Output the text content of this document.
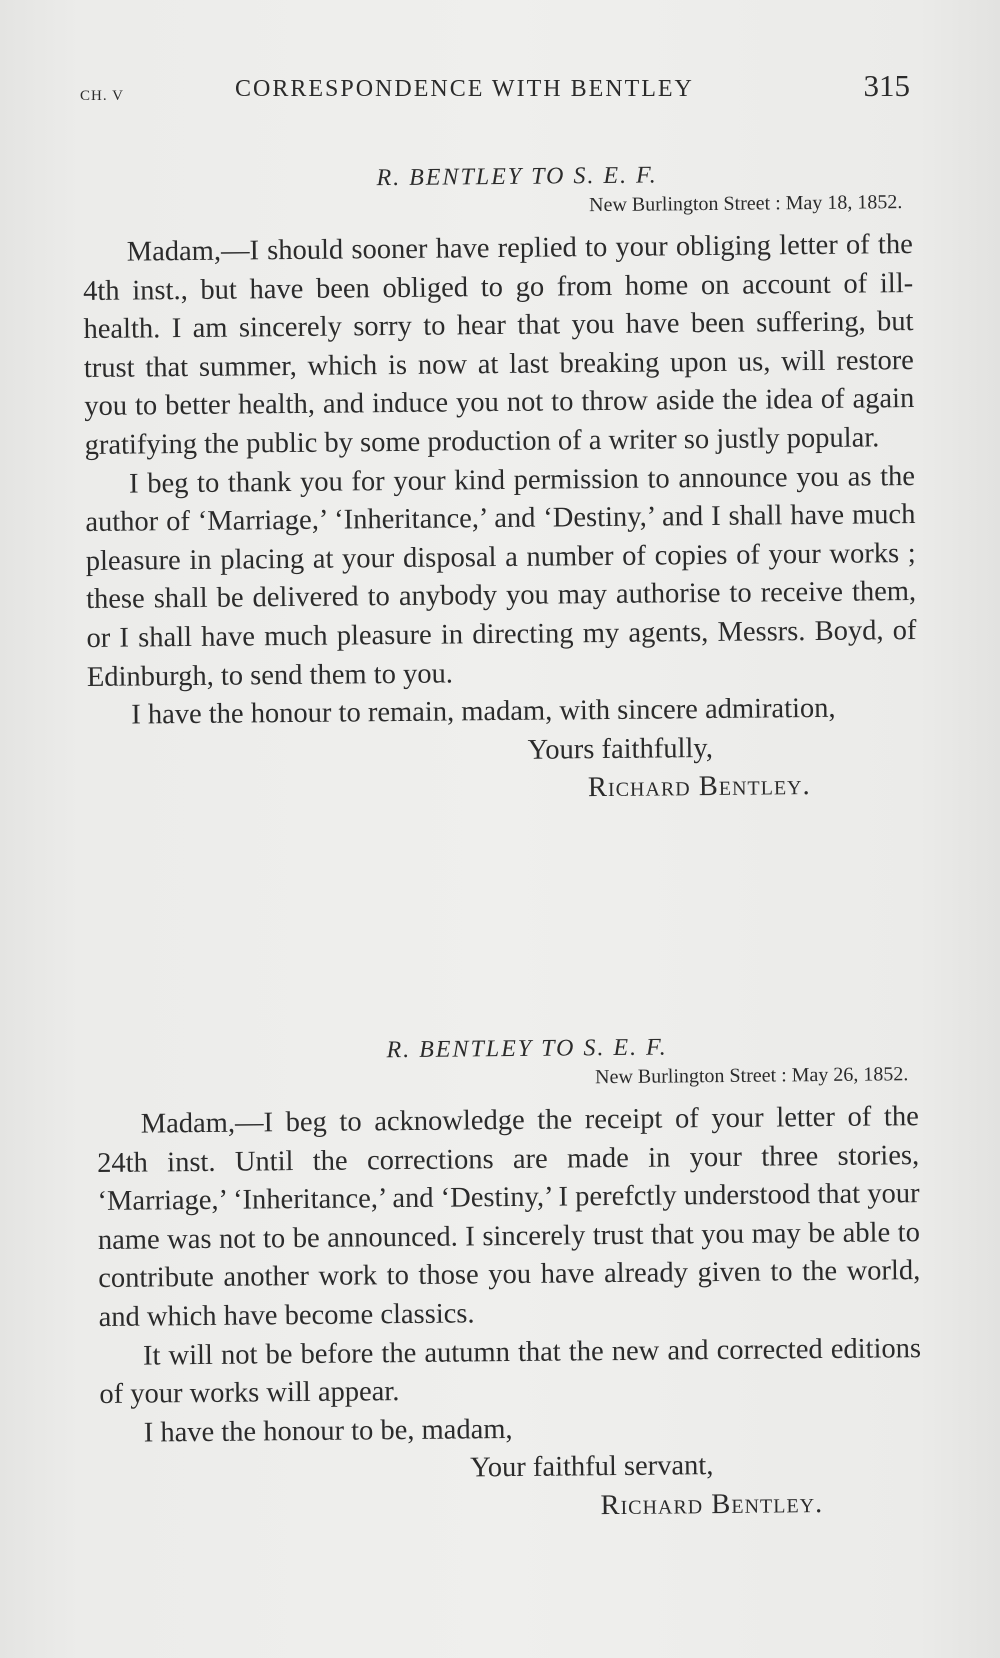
CH. V	CORRESPONDENCE WITH BENTLEY	315
R. BENTLEY TO S. E. F.
New Burlington Street : May 18, 1852.

Madam,—I should sooner have replied to your obliging letter of the 4th inst., but have been obliged to go from home on account of ill-health. I am sincerely sorry to hear that you have been suffering, but trust that summer, which is now at last breaking upon us, will restore you to better health, and induce you not to throw aside the idea of again gratifying the public by some production of a writer so justly popular.

I beg to thank you for your kind permission to announce you as the author of ‘Marriage,’ ‘Inheritance,’ and ‘Destiny,’ and I shall have much pleasure in placing at your disposal a number of copies of your works ; these shall be delivered to anybody you may authorise to receive them, or I shall have much pleasure in directing my agents, Messrs. Boyd, of Edinburgh, to send them to you.

I have the honour to remain, madam, with sincere admiration,

Yours faithfully,

Richard Bentley.

R. BENTLEY TO S. E. F.
New Burlington Street : May 26, 1852.

Madam,—I beg to acknowledge the receipt of your letter of the 24th inst. Until the corrections are made in your three stories, ‘Marriage,’ ‘Inheritance,’ and ‘Destiny,’ I perefctly understood that your name was not to be announced. I sincerely trust that you may be able to contribute another work to those you have already given to the world, and which have become classics.

It will not be before the autumn that the new and corrected editions of your works will appear.

I have the honour to be, madam,

Your faithful servant,

Richard Bentley.
